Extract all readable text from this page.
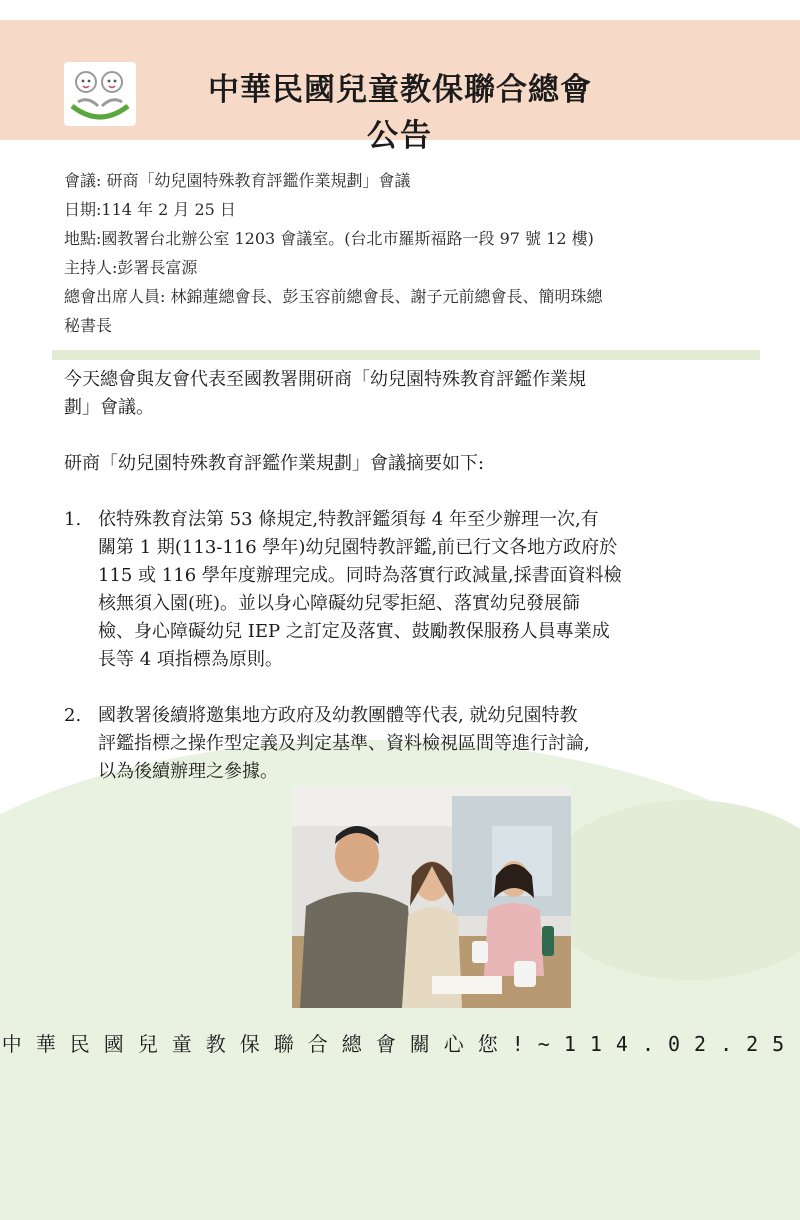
中華民國兒童教保聯合總會
公告
會議: 研商「幼兒園特殊教育評鑑作業規劃」會議
日期:114 年 2 月 25 日
地點:國教署台北辦公室 1203 會議室。(台北市羅斯福路一段 97 號 12 樓)
主持人:彭署長富源
總會出席人員: 林錦蓮總會長、彭玉容前總會長、謝子元前總會長、簡明珠總
秘書長
今天總會與友會代表至國教署開研商「幼兒園特殊教育評鑑作業規
劃」會議。
研商「幼兒園特殊教育評鑑作業規劃」會議摘要如下:
1. 依特殊教育法第 53 條規定,特教評鑑須每 4 年至少辦理一次,有
關第 1 期(113-116 學年)幼兒園特教評鑑,前已行文各地方政府於
115 或 116 學年度辦理完成。同時為落實行政減量,採書面資料檢
核無須入園(班)。並以身心障礙幼兒零拒絕、落實幼兒發展篩
檢、身心障礙幼兒 IEP 之訂定及落實、鼓勵教保服務人員專業成
長等 4 項指標為原則。
2. 國教署後續將邀集地方政府及幼教團體等代表, 就幼兒園特教
評鑑指標之操作型定義及判定基準、資料檢視區間等進行討論,
以為後續辦理之參據。
中華民國兒童教保聯合總會關心您!~114.02.25
